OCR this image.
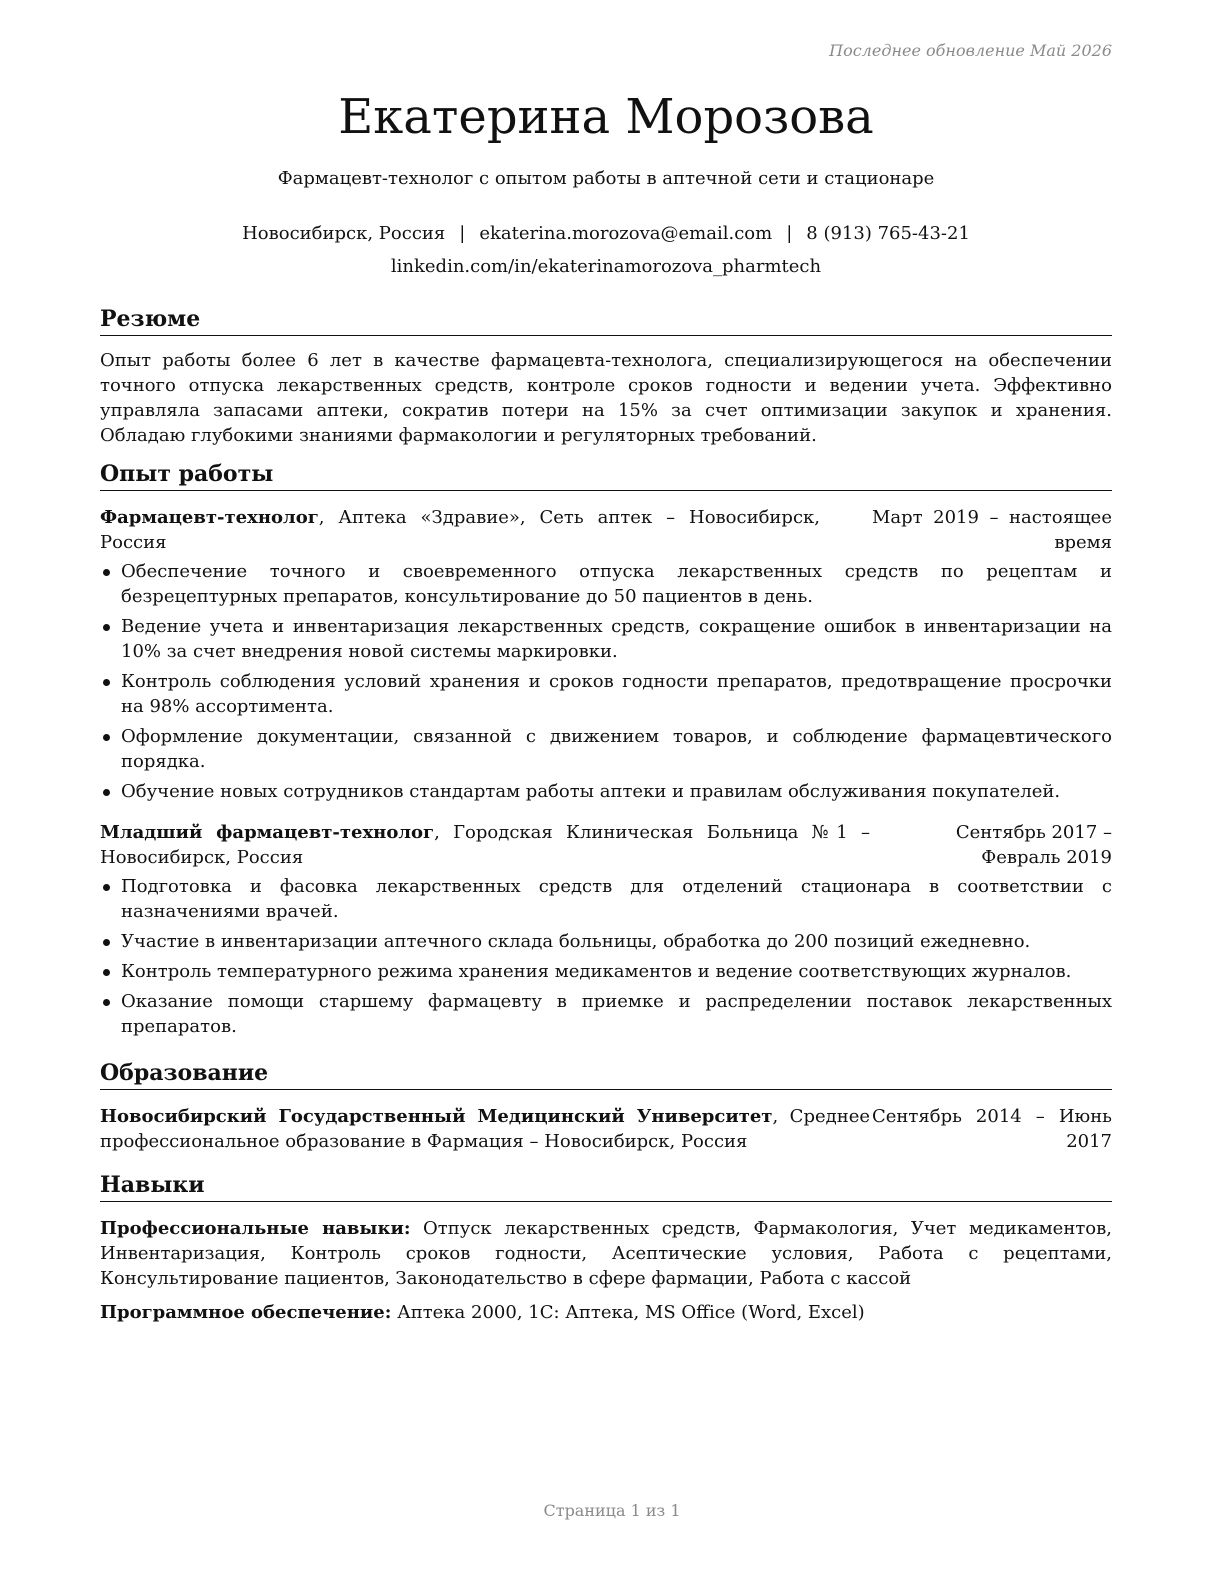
Последнее обновление Май 2026
Екатерина Морозова
Фармацевт-технолог с опытом работы в аптечной сети и стационаре
Новосибирск, Россия | ekaterina.morozova@email.com | 8 (913) 765-43-21
linkedin.com/in/ekaterinamorozova_pharmtech
Резюме

Опыт работы более 6 лет в качестве фармацевта-технолога, специализирующегося на обеспечении точного отпуска лекарственных средств, контроле сроков годности и ведении учета. Эффективно управляла запасами аптеки, сократив потери на 15% за счет оптимизации закупок и хранения. Обладаю глубокими знаниями фармакологии и регуляторных требований.

Опыт работы
Фармацевт-технолог, Аптека «Здравие», Сеть аптек – Новосибирск, Россия
Март 2019 – настоящее время
Обеспечение точного и своевременного отпуска лекарственных средств по рецептам и безрецептурных препаратов, консультирование до 50 пациентов в день.
Ведение учета и инвентаризация лекарственных средств, сокращение ошибок в инвентаризации на 10% за счет внедрения новой системы маркировки.
Контроль соблюдения условий хранения и сроков годности препаратов, предотвращение просрочки на 98% ассортимента.
Оформление документации, связанной с движением товаров, и соблюдение фармацевтического порядка.
Обучение новых сотрудников стандартам работы аптеки и правилам обслуживания покупателей.
Младший фармацевт-технолог, Городская Клиническая Больница №1 – Новосибирск, Россия
Сентябрь 2017 – Февраль 2019
Подготовка и фасовка лекарственных средств для отделений стационара в соответствии с назначениями врачей.
Участие в инвентаризации аптечного склада больницы, обработка до 200 позиций ежедневно.
Контроль температурного режима хранения медикаментов и ведение соответствующих журналов.
Оказание помощи старшему фармацевту в приемке и распределении поставок лекарственных препаратов.
Образование
Новосибирский Государственный Медицинский Университет, Среднее профессиональное образование в Фармация – Новосибирск, Россия
Сентябрь 2014 – Июнь 2017
Навыки

Профессиональные навыки: Отпуск лекарственных средств, Фармакология, Учет медикаментов, Инвентаризация, Контроль сроков годности, Асептические условия, Работа с рецептами, Консультирование пациентов, Законодательство в сфере фармации, Работа с кассой

Программное обеспечение: Аптека 2000, 1С: Аптека, MS Office (Word, Excel)

Страница 1 из 1
